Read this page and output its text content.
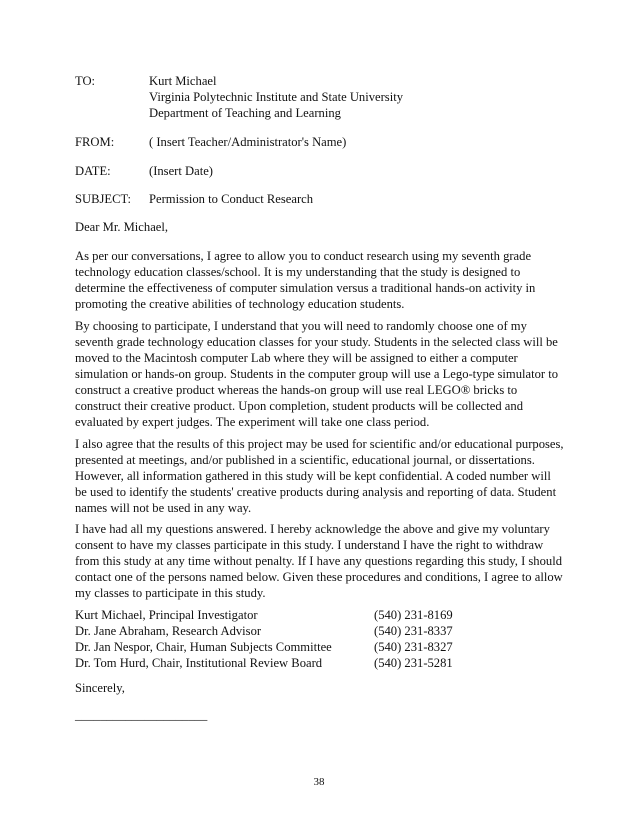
TO:	Kurt Michael
Virginia Polytechnic Institute and State University
Department of Teaching and Learning
FROM:	( Insert Teacher/Administrator's Name)
DATE:	(Insert Date)
SUBJECT: Permission to Conduct Research
Dear Mr. Michael,
As per our conversations, I agree to allow you to conduct research using my seventh grade
technology education classes/school. It is my understanding that the study is designed to
determine the effectiveness of computer simulation versus a traditional hands-on activity in
promoting the creative abilities of technology education students.
By choosing to participate, I understand that you will need to randomly choose one of my
seventh grade technology education classes for your study. Students in the selected class will be
moved to the Macintosh computer Lab where they will be assigned to either a computer
simulation or hands-on group. Students in the computer group will use a Lego-type simulator to
construct a creative product whereas the hands-on group will use real LEGO® bricks to
construct their creative product. Upon completion, student products will be collected and
evaluated by expert judges. The experiment will take one class period.
I also agree that the results of this project may be used for scientific and/or educational purposes,
presented at meetings, and/or published in a scientific, educational journal, or dissertations.
However, all information gathered in this study will be kept confidential. A coded number will
be used to identify the students' creative products during analysis and reporting of data. Student
names will not be used in any way.
I have had all my questions answered. I hereby acknowledge the above and give my voluntary
consent to have my classes participate in this study. I understand I have the right to withdraw
from this study at any time without penalty. If I have any questions regarding this study, I should
contact one of the persons named below. Given these procedures and conditions, I agree to allow
my classes to participate in this study.
Kurt Michael, Principal Investigator	(540) 231-8169
Dr. Jane Abraham, Research Advisor	(540) 231-8337
Dr. Jan Nespor, Chair, Human Subjects Committee	(540) 231-8327
Dr. Tom Hurd, Chair, Institutional Review Board	(540) 231-5281
Sincerely,
_____________________
38
